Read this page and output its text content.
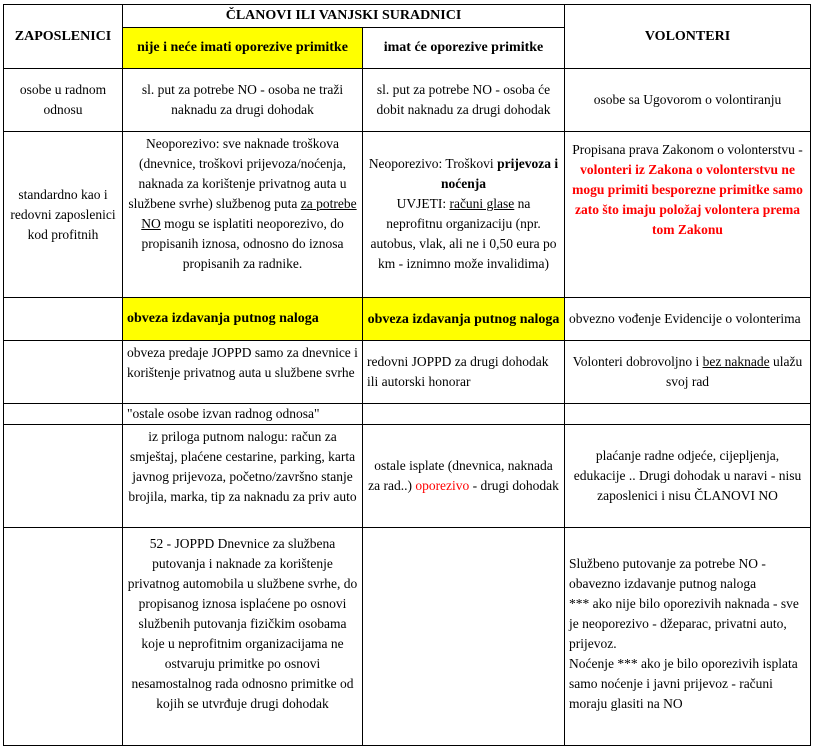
ZAPOSLENICI
ČLANOVI ILI VANJSKI SURADNICI
nije i neće imati oporezive primitke	imat će oporezive primitke
VOLONTERI
osobe u radnom odnosu
sl. put za potrebe NO - osoba ne traži naknadu za drugi dohodak
sl. put za potrebe NO - osoba će dobit naknadu za drugi dohodak
osobe sa Ugovorom o volontiranju
standardno kao i redovni zaposlenici kod profitnih
Neoporezivo: sve naknade troškova (dnevnice, troškovi prijevoza/noćenja, naknada za korištenje privatnog auta u službene svrhe) službenog puta za potrebe NO mogu se isplatiti neoporezivo, do propisanih iznosa, odnosno do iznosa propisanih za radnike.
Neoporezivo: Troškovi prijevoza i noćenja
UVJETI: računi glase na neprofitnu organizaciju (npr. autobus, vlak, ali ne i 0,50 eura po km - iznimno može invalidima)
Propisana prava Zakonom o volonterstvu - volonteri iz Zakona o volonterstvu ne mogu primiti besporezne primitke samo zato što imaju položaj volontera prema tom Zakonu
obveza izdavanja putnog naloga	obveza izdavanja putnog naloga obvezno vođenje Evidencije o volonterima
obveza predaje JOPPD samo za dnevnice i korištenje privatnog auta u službene svrhe
redovni JOPPD za drugi dohodak ili autorski honorar
Volonteri dobrovoljno i bez naknade ulažu svoj rad
"ostale osobe izvan radnog odnosa"
iz priloga putnom nalogu: račun za smještaj, plaćene cestarine, parking, karta javnog prijevoza, početno/završno stanje brojila, marka, tip za naknadu za priv auto
ostale isplate (dnevnica, naknada za rad..) oporezivo - drugi dohodak
plaćanje radne odjeće, cijepljenja, edukacije .. Drugi dohodak u naravi - nisu zaposlenici i nisu ČLANOVI NO
52 - JOPPD Dnevnice za službena putovanja i naknade za korištenje privatnog automobila u službene svrhe, do propisanog iznosa isplaćene po osnovi službenih putovanja fizičkim osobama koje u neprofitnim organizacijama ne ostvaruju primitke po osnovi nesamostalnog rada odnosno primitke od kojih se utvrđuje drugi dohodak
Službeno putovanje za potrebe NO - obavezno izdavanje putnog naloga
*** ako nije bilo oporezivih naknada - sve je neoporezivo - džeparac, privatni auto, prijevoz.
Noćenje *** ako je bilo oporezivih isplata samo noćenje i javni prijevoz - računi moraju glasiti na NO
